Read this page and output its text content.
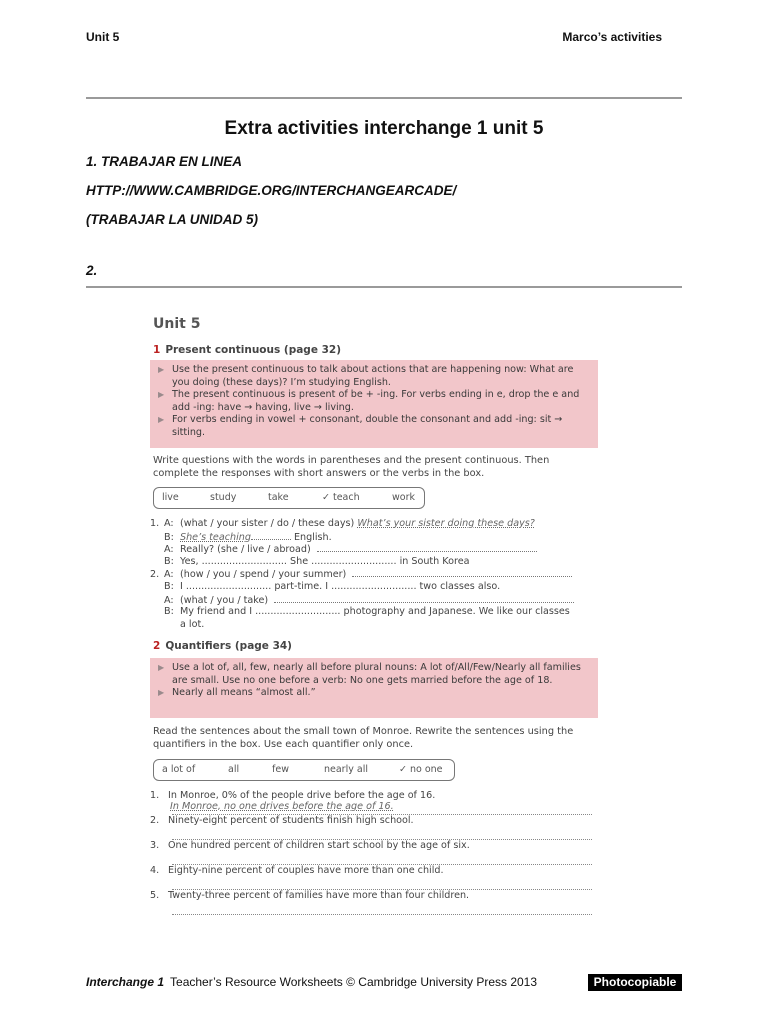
Unit 5	Marco’s activities
Extra activities interchange 1 unit 5
1. TRABAJAR EN LINEA
HTTP://WWW.CAMBRIDGE.ORG/INTERCHANGEARCADE/
(TRABAJAR LA UNIDAD 5)
2.
Unit 5
1 Present continuous (page 32)
▶ Use the present continuous to talk about actions that are happening now: What are you doing (these days)? I’m studying English.
▶ The present continuous is present of be + -ing. For verbs ending in e, drop the e and add -ing: have → having, live → living.
▶ For verbs ending in vowel + consonant, double the consonant and add -ing: sit → sitting.
Write questions with the words in parentheses and the present continuous. Then complete the responses with short answers or the verbs in the box.
live	study	take	✓ teach	work
1. A: (what / your sister / do / these days) What’s your sister doing these days?
B: She’s teaching	English.
A: Really? (she / live / abroad)
B: Yes, ............................ She ............................ in South Korea
2. A: (how / you / spend / your summer)
B: I ............................ part-time. I ............................ two classes also.
A: (what / you / take)
B: My friend and I ............................ photography and Japanese. We like our classes
a lot.
2 Quantifiers (page 34)
▶ Use a lot of, all, few, nearly all before plural nouns: A lot of/All/Few/Nearly all families are small. Use no one before a verb: No one gets married before the age of 18.
▶ Nearly all means “almost all.”
Read the sentences about the small town of Monroe. Rewrite the sentences using the quantifiers in the box. Use each quantifier only once.
a lot of	all	few	nearly all	✓ no one
1. In Monroe, 0% of the people drive before the age of 16.
In Monroe, no one drives before the age of 16.
2. Ninety-eight percent of students finish high school.
3. One hundred percent of children start school by the age of six.
4. Eighty-nine percent of couples have more than one child.
5. Twenty-three percent of families have more than four children.
Interchange 1 Teacher’s Resource Worksheets © Cambridge University Press 2013	Photocopiable
